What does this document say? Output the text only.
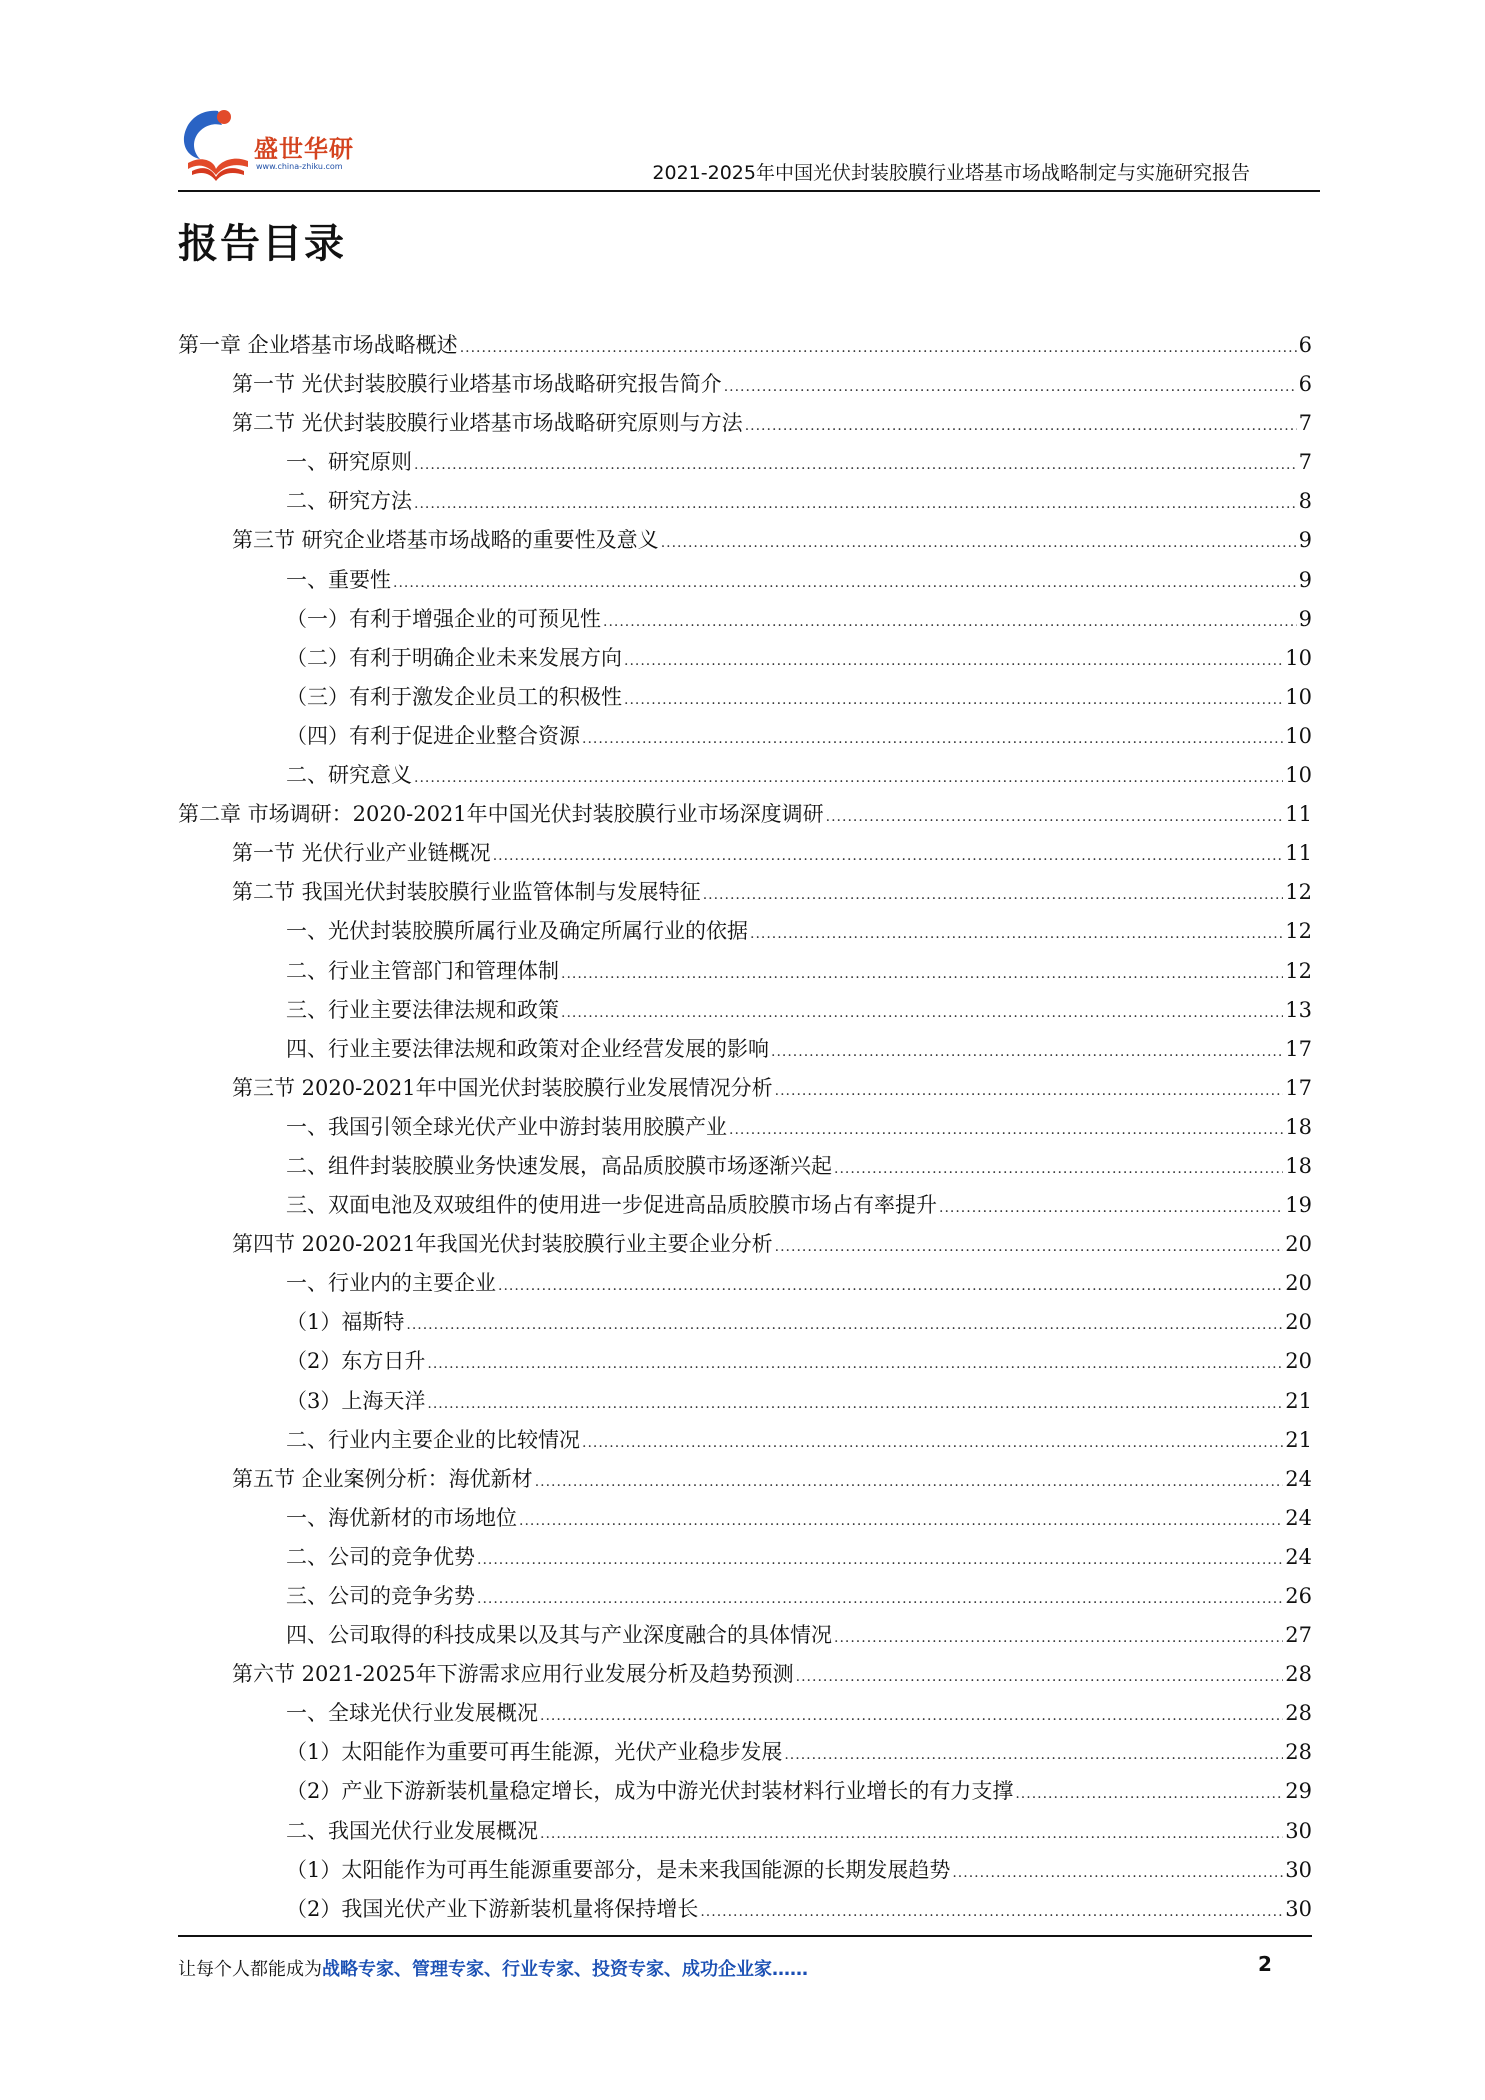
盛世华研
www.china-zhiku.com	2021-2025年中国光伏封装胶膜行业塔基市场战略制定与实施研究报告
报告目录
第一章 企业塔基市场战略概述 .....	6
第一节 光伏封装胶膜行业塔基市场战略研究报告简介 .....	6
第二节 光伏封装胶膜行业塔基市场战略研究原则与方法 .....	7
一、研究原则 .....	7
二、研究方法 .....	8
第三节 研究企业塔基市场战略的重要性及意义 .....	9
一、重要性 .....	9
（一）有利于增强企业的可预见性 .....	9
（二）有利于明确企业未来发展方向 .....	10
（三）有利于激发企业员工的积极性 .....	10
（四）有利于促进企业整合资源 .....	10
二、研究意义 .....	10
第二章 市场调研：2020-2021年中国光伏封装胶膜行业市场深度调研 .....	11
第一节 光伏行业产业链概况 .....	11
第二节 我国光伏封装胶膜行业监管体制与发展特征 .....	12
一、光伏封装胶膜所属行业及确定所属行业的依据 .....	12
二、行业主管部门和管理体制 .....	12
三、行业主要法律法规和政策 .....	13
四、行业主要法律法规和政策对企业经营发展的影响 .....	17
第三节 2020-2021年中国光伏封装胶膜行业发展情况分析 .....	17
一、我国引领全球光伏产业中游封装用胶膜产业 .....	18
二、组件封装胶膜业务快速发展，高品质胶膜市场逐渐兴起 .....	18
三、双面电池及双玻组件的使用进一步促进高品质胶膜市场占有率提升 .....	19
第四节 2020-2021年我国光伏封装胶膜行业主要企业分析 .....	20
一、行业内的主要企业 .....	20
（1）福斯特 .....	20
（2）东方日升 .....	20
（3）上海天洋 .....	21
二、行业内主要企业的比较情况 .....	21
第五节 企业案例分析：海优新材 .....	24
一、海优新材的市场地位 .....	24
二、公司的竞争优势 .....	24
三、公司的竞争劣势 .....	26
四、公司取得的科技成果以及其与产业深度融合的具体情况 .....	27
第六节 2021-2025年下游需求应用行业发展分析及趋势预测 .....	28
一、全球光伏行业发展概况 .....	28
（1）太阳能作为重要可再生能源，光伏产业稳步发展 .....	28
（2）产业下游新装机量稳定增长，成为中游光伏封装材料行业增长的有力支撑 .....	29
二、我国光伏行业发展概况 .....	30
（1）太阳能作为可再生能源重要部分，是未来我国能源的长期发展趋势 .....	30
（2）我国光伏产业下游新装机量将保持增长 .....	30
让每个人都能成为战略专家、管理专家、行业专家、投资专家、成功企业家……	2
